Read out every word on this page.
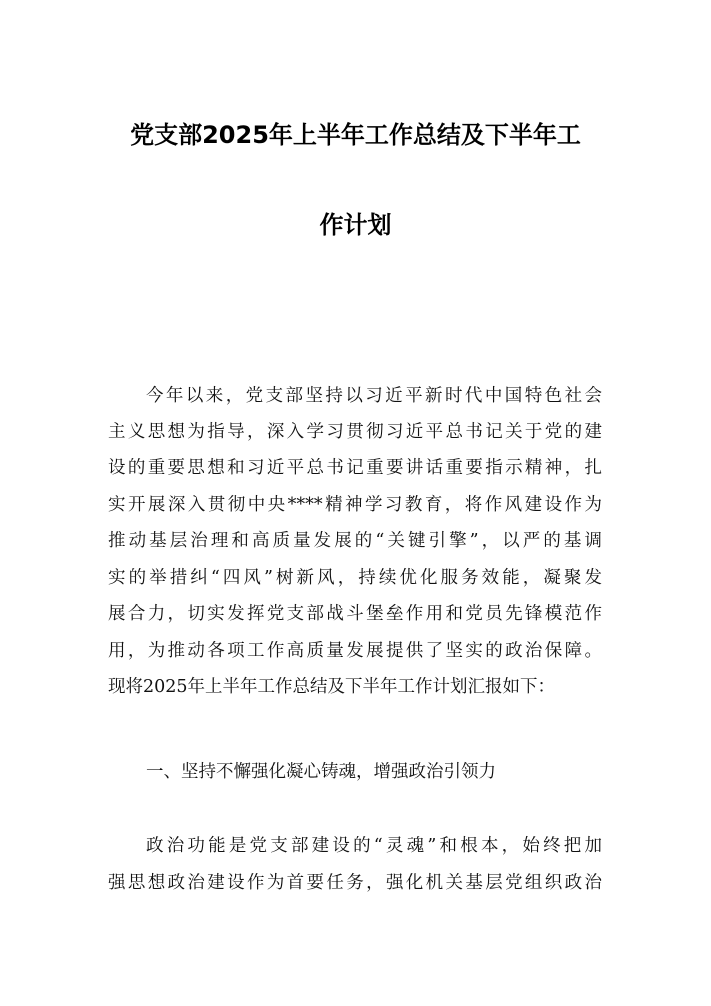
党支部2025年上半年工作总结及下半年工
作计划
今年以来，党支部坚持以习近平新时代中国特色社会
主义思想为指导，深入学习贯彻习近平总书记关于党的建
设的重要思想和习近平总书记重要讲话重要指示精神，扎
实开展深入贯彻中央****精神学习教育，将作风建设作为
推动基层治理和高质量发展的“关键引擎”，以严的基调
实的举措纠“四风”树新风，持续优化服务效能，凝聚发
展合力，切实发挥党支部战斗堡垒作用和党员先锋模范作
用，为推动各项工作高质量发展提供了坚实的政治保障。
现将2025年上半年工作总结及下半年工作计划汇报如下：
一、坚持不懈强化凝心铸魂，增强政治引领力
政治功能是党支部建设的“灵魂”和根本，始终把加
强思想政治建设作为首要任务，强化机关基层党组织政治
